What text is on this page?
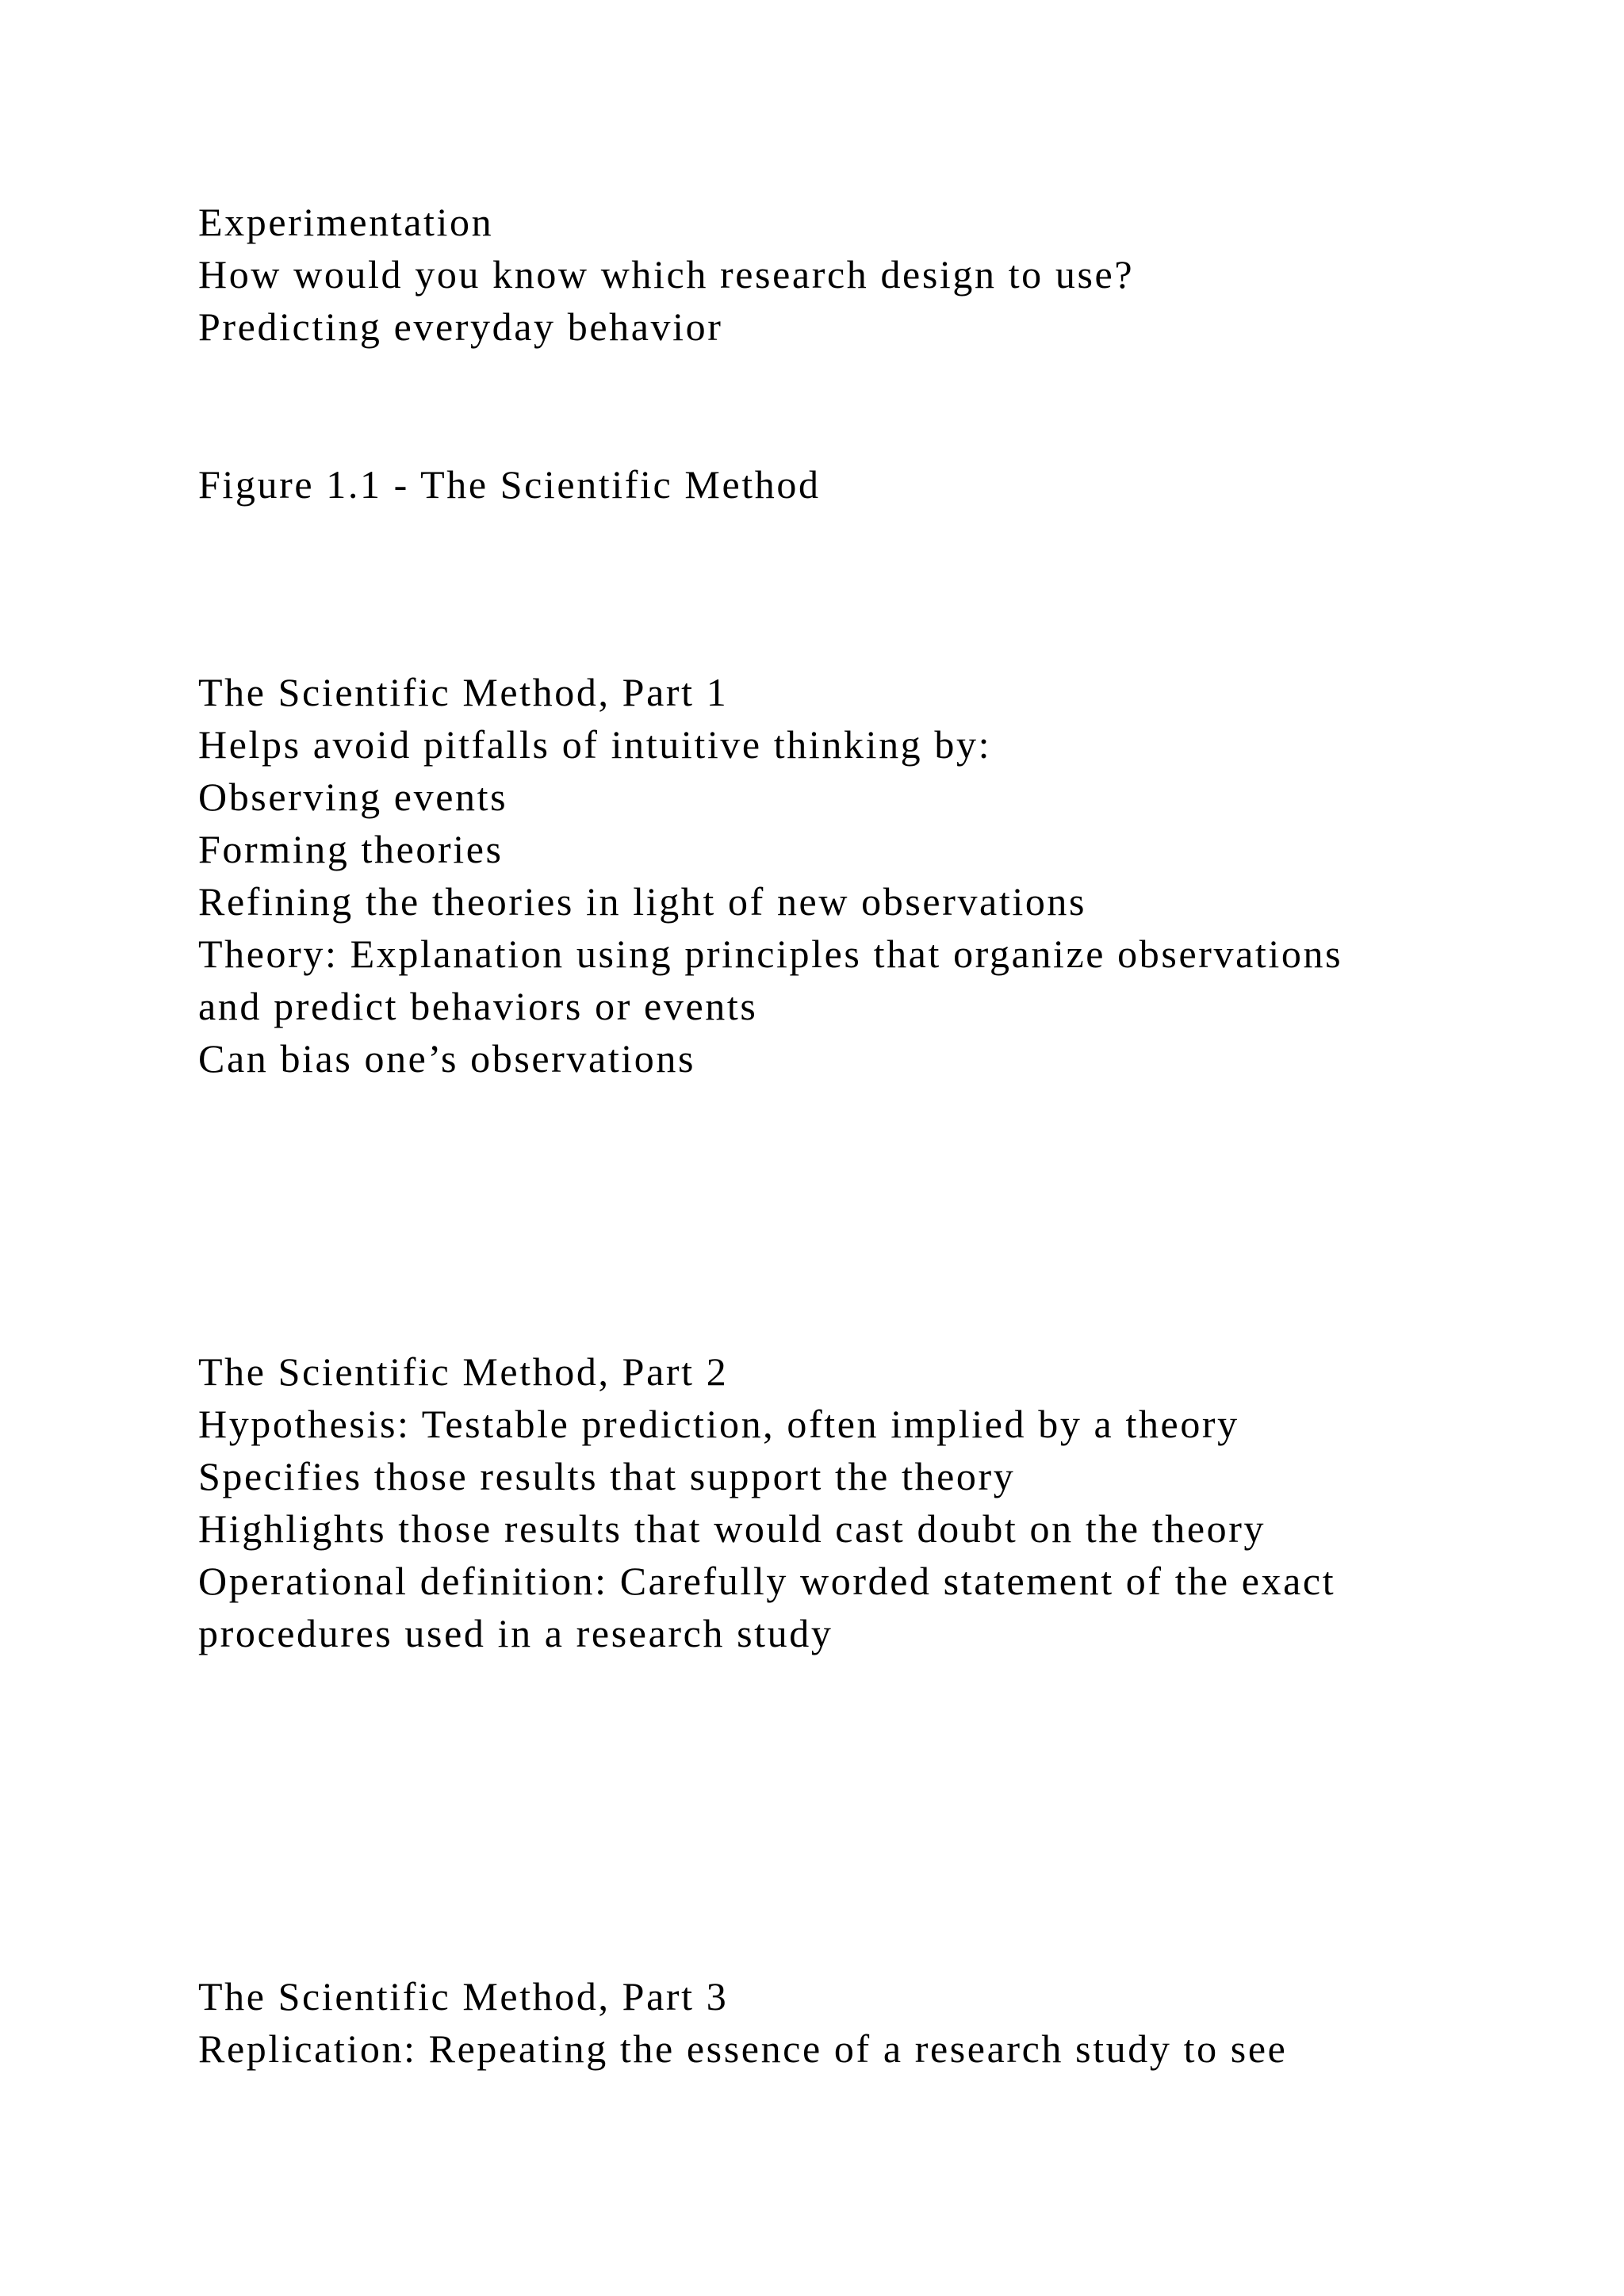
Experimentation
How would you know which research design to use?
Predicting everyday behavior
Figure 1.1 - The Scientific Method
The Scientific Method, Part 1
Helps avoid pitfalls of intuitive thinking by:
Observing events
Forming theories
Refining the theories in light of new observations
Theory: Explanation using principles that organize observations
and predict behaviors or events
Can bias one’s observations
The Scientific Method, Part 2
Hypothesis: Testable prediction, often implied by a theory
Specifies those results that support the theory
Highlights those results that would cast doubt on the theory
Operational definition: Carefully worded statement of the exact
procedures used in a research study
The Scientific Method, Part 3
Replication: Repeating the essence of a research study to see
